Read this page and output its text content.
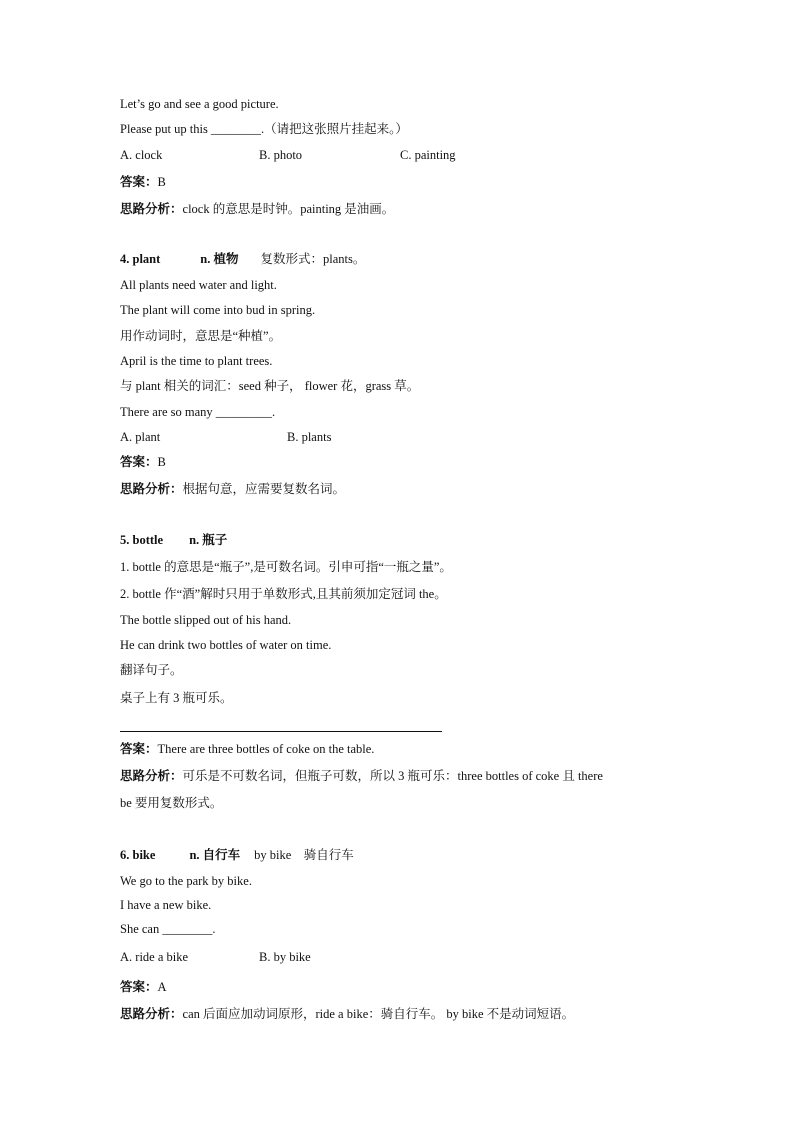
Let’s go and see a good picture.
Please put up this ________.（请把这张照片挂起来。）
A. clock	B. photo	C. painting
答案：B
思路分析：clock 的意思是时钟。painting 是油画。
4. plant	n. 植物 复数形式：plants。
All plants need water and light.
The plant will come into bud in spring.
用作动词时，意思是“种植”。
April is the time to plant trees.
与 plant 相关的词汇：seed 种子， flower 花，grass 草。
There are so many _________.
A. plant	B. plants
答案：B
思路分析：根据句意，应需要复数名词。
5. bottle n. 瓶子
1. bottle 的意思是“瓶子”,是可数名词。引申可指“一瓶之量”。
2. bottle 作“酒”解时只用于单数形式,且其前须加定冠词 the。
The bottle slipped out of his hand.
He can drink two bottles of water on time.
翻译句子。
桌子上有 3 瓶可乐。
答案：There are three bottles of coke on the table.
思路分析：可乐是不可数名词，但瓶子可数，所以 3 瓶可乐：three bottles of coke 且 there
be 要用复数形式。
6. bike	n. 自行车 by bike　骑自行车
We go to the park by bike.
I have a new bike.
She can ________.
A. ride a bike	B. by bike
答案：A
思路分析：can 后面应加动词原形，ride a bike：骑自行车。 by bike 不是动词短语。
